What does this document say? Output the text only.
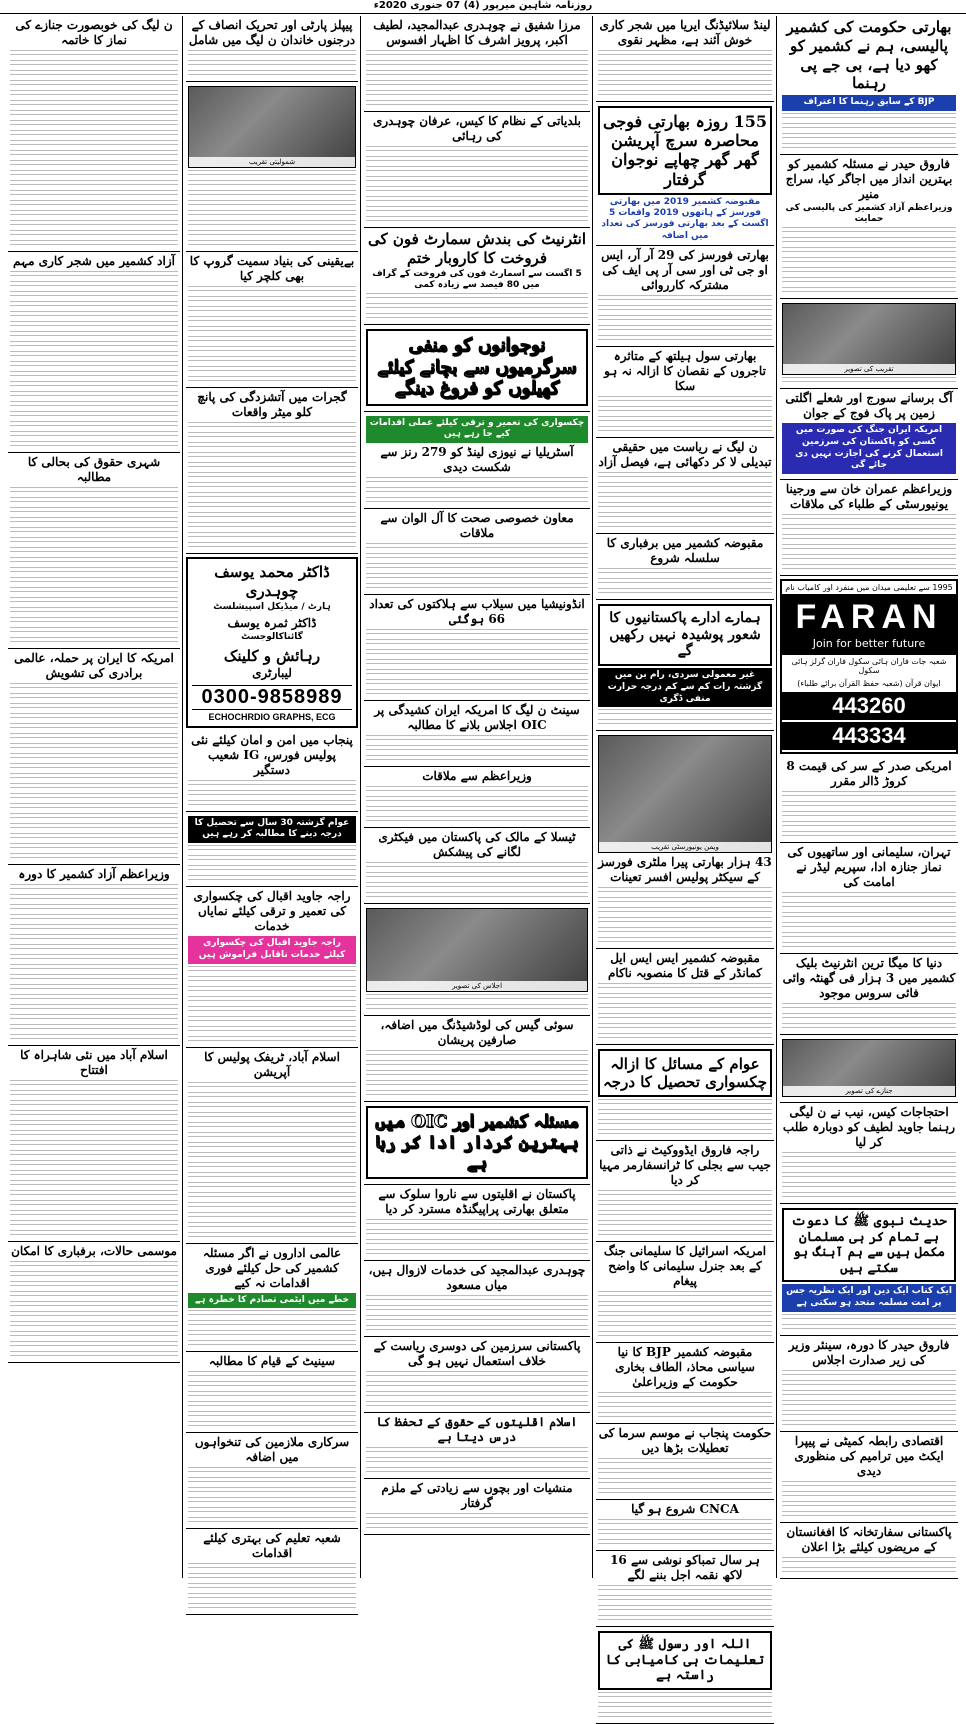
روزنامہ شاہین میرپور (4) 07 جنوری 2020ء
بھارتی حکومت کی کشمیر پالیسی، ہم نے کشمیر کو کھو دیا ہے، بی جے پی رہنما
BJP کے سابق رہنما کا اعتراف
فاروق حیدر نے مسئلہ کشمیر کو بہترین انداز میں اجاگر کیا، سراج منیر
وزیراعظم آزاد کشمیر کی پالیسی کی حمایت
تقریب کی تصویر
آگ برسانے سورج اور شعلے اگلتی زمین پر پاک فوج کے جوان
امریکہ ایران جنگ کی صورت میں کسی کو پاکستان کی سرزمین استعمال کرنے کی اجازت نہیں دی جائے گی
وزیراعظم عمران خان سے ورجینا یونیورسٹی کے طلباء کی ملاقات
1995 سے تعلیمی میدان میں منفرد اور کامیاب نام
FARAN
Join for better future
شعبہ جات فاران ہائی سکول فاران گرلز ہائی سکول
ایوان قرآن (شعبہ حفظ القرآن برائے طلباء)
443260
443334
امریکی صدر کے سر کی قیمت 8 کروڑ ڈالر مقرر
تہران، سلیمانی اور ساتھیوں کی نماز جنازہ ادا، سپریم لیڈر نے امامت کی
دنیا کا میگا ترین انٹرنیٹ بلیک کشمیر میں 3 ہزار فی گھنٹہ وائی فائی سروس موجود
جنازے کی تصویر
احتجاجات کیس، نیب نے ن لیگی رہنما جاوید لطیف کو دوبارہ طلب کر لیا
حدیث نبوی ﷺ کا دعوت ہے تمام کر ہی مسلمان مکمل ہیں سے ہم آہنگ ہو سکتے ہیں
ایک کتاب ایک دین اور ایک نظریہ جس پر امت مسلمہ متحد ہو سکتی ہے
فاروق حیدر کا دورہ، سینئر وزیر کی زیر صدارت اجلاس
اقتصادی رابطہ کمیٹی نے پیپرا ایکٹ میں ترامیم کی منظوری دیدی
پاکستانی سفارتخانہ کا افغانستان کے مریضوں کیلئے بڑا اعلان
لینڈ سلائیڈنگ ایریا میں شجر کاری خوش آئند ہے، مظہر نقوی
155 روزہ بھارتی فوجی محاصرہ سرچ آپریشن گھر گھر چھاپے نوجوان گرفتار
مقبوضہ کشمیر 2019 میں بھارتی فورسز کے ہاتھوں 2019 واقعات 5 اگست کے بعد بھارتی فورسز کی تعداد میں اضافہ
بھارتی فورسز کی 29 آر آر، ایس او جی ٹی اور سی آر پی ایف کی مشترکہ کارروائی
بھارتی سول ہیلتھ کے متاثرہ تاجروں کے نقصان کا ازالہ نہ ہو سکا
ن لیگ نے ریاست میں حقیقی تبدیلی لا کر دکھائی ہے، فیصل آزاد
مقبوضہ کشمیر میں برفباری کا سلسلہ شروع
ہمارے ادارے پاکستانیوں کا شعور پوشیدہ نہیں رکھیں گے
غیر معمولی سردی، رام بن میں گزشتہ رات کم سے کم درجہ حرارت منفی ڈگری
ویمن یونیورسٹی تقریب
43 ہزار بھارتی پیرا ملٹری فورسز کے سیکٹر پولیس افسر تعینات
مقبوضہ کشمیر ایس ایس ایل کمانڈر کے قتل کا منصوبہ ناکام
عوام کے مسائل کا ازالہ چکسواری تحصیل کا درجہ
راجہ فاروق ایڈووکیٹ نے ذاتی جیب سے بجلی کا ٹرانسفارمر مہیا کر دیا
امریکہ اسرائیل کا سلیمانی جنگ کے بعد جنرل سلیمانی کا واضح پیغام
مقبوضہ کشمیر BJP کا نیا سیاسی محاذ، الطاف بخاری حکومت کے وزیراعلیٰ
حکومت پنجاب نے موسم سرما کی تعطیلات بڑھا دیں
CNCA شروع ہو گیا
ہر سال تمباکو نوشی سے 16 لاکھ نقمہ اجل بننے لگے
اللہ اور رسول ﷺ کی تعلیمات ہی کامیابی کا راستہ ہے
مرزا شفیق نے چوہدری عبدالمجید، لطیف اکبر، پرویز اشرف کا اظہار افسوس
بلدیاتی کے نظام کا کیس، عرفان چوہدری کی رہائی
انٹرنیٹ کی بندش سمارٹ فون کی فروخت کا کاروبار ختم
5 اگست سے اسمارٹ فون کی فروخت کے گراف میں 80 فیصد سے زیادہ کمی
نوجوانوں کو منفی سرگرمیوں سے بچانے کیلئے کھیلوں کو فروغ دینگے
چکسواری کی تعمیر و ترقی کیلئے عملی اقدامات کیے جا رہے ہیں
آسٹریلیا نے نیوزی لینڈ کو 279 رنز سے شکست دیدی
معاون خصوصی صحت کا آل الوان سے ملاقات
انڈونیشیا میں سیلاب سے ہلاکتوں کی تعداد 66 ہوگئی
سینٹ ن لیگ کا امریکہ ایران کشیدگی پر OIC اجلاس بلانے کا مطالبہ
وزیراعظم سے ملاقات
ٹیسلا کے مالک کی پاکستان میں فیکٹری لگانے کی پیشکش
اجلاس کی تصویر
سوئی گیس کی لوڈشیڈنگ میں اضافہ، صارفین پریشان
مسئلہ کشمیر اور OIC میں بہترین کردار ادا کر رہا ہے
پاکستان نے اقلیتوں سے ناروا سلوک سے متعلق بھارتی پراپیگنڈہ مسترد کر دیا
چوہدری عبدالمجید کی خدمات لازوال ہیں، میاں مسعود
پاکستانی سرزمین کی دوسری ریاست کے خلاف استعمال نہیں ہو گی
اسلام اقلیتوں کے حقوق کے تحفظ کا درس دیتا ہے
منشیات اور بچوں سے زیادتی کے ملزم گرفتار
پیپلز پارٹی اور تحریک انصاف کے درجنوں خاندان ن لیگ میں شامل
شمولیتی تقریب
بےیقینی کی بنیاد سمیت گروپ کا بھی کلچر کیا
گجرات میں آتشزدگی کی پانچ کلو میٹر واقعات
ڈاکٹر محمد یوسف چوہدری
ہارٹ / میڈیکل اسپیشلسٹ
ڈاکٹر ثمرہ یوسف
گائناکالوجسٹ
رہائش و کلینک
لیبارٹری
0300-9858989
ECHOCHRDIO GRAPHS, ECG
پنجاب میں امن و امان کیلئے نئی پولیس فورس، IG شعیب دستگیر
عوام گزشتہ 30 سال سے تحصیل کا درجہ دینے کا مطالبہ کر رہے ہیں
راجہ جاوید اقبال کی چکسواری کی تعمیر و ترقی کیلئے نمایاں خدمات
راجہ جاوید اقبال کی چکسواری کیلئے خدمات ناقابل فراموش ہیں
اسلام آباد، ٹریفک پولیس کا آپریشن
عالمی اداروں نے اگر مسئلہ کشمیر کی حل کیلئے فوری اقدامات نہ کیے
خطے میں ایٹمی تصادم کا خطرہ ہے
سینیٹ کے قیام کا مطالبہ
سرکاری ملازمین کی تنخواہوں میں اضافہ
شعبہ تعلیم کی بہتری کیلئے اقدامات
ن لیگ کی خوبصورت جنازے کی نماز کا خاتمہ
آزاد کشمیر میں شجر کاری مہم
شہری حقوق کی بحالی کا مطالبہ
امریکہ کا ایران پر حملہ، عالمی برادری کی تشویش
وزیراعظم آزاد کشمیر کا دورہ
اسلام آباد میں نئی شاہراہ کا افتتاح
موسمی حالات، برفباری کا امکان
